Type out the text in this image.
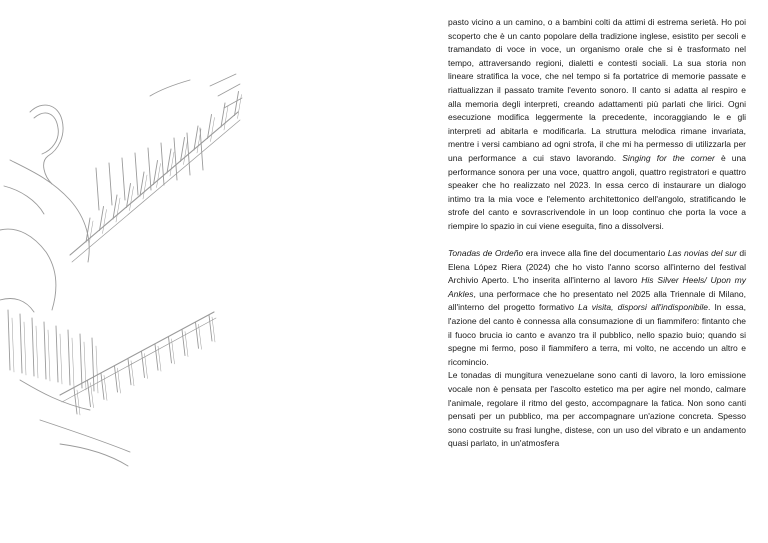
pasto vicino a un camino, o a bambini colti da attimi di estrema serietà. Ho poi scoperto che è un canto popolare della tradizione inglese, esistito per secoli e tramandato di voce in voce, un organismo orale che si è trasformato nel tempo, attraversando regioni, dialetti e contesti sociali. La sua storia non lineare stratifica la voce, che nel tempo si fa portatrice di memorie passate e riattualizzan il passato tramite l'evento sonoro. Il canto si adatta al respiro e alla memoria degli interpreti, creando adattamenti più parlati che lirici. Ogni esecuzione modifica leggermente la precedente, incoraggiando le e gli interpreti ad abitarla e modificarla. La struttura melodica rimane invariata, mentre i versi cambiano ad ogni strofa, il che mi ha permesso di utilizzarla per una performance a cui stavo lavorando. Singing for the corner è una performance sonora per una voce, quattro angoli, quattro registratori e quattro speaker che ho realizzato nel 2023. In essa cerco di instaurare un dialogo intimo tra la mia voce e l'elemento architettonico dell'angolo, stratificando le strofe del canto e sovrascrivendole in un loop continuo che porta la voce a riempire lo spazio in cui viene eseguita, fino a dissolversi.

Tonadas de Ordeño era invece alla fine del documentario Las novias del sur di Elena López Riera (2024) che ho visto l'anno scorso all'interno del festival Archivio Aperto. L'ho inserita all'interno al lavoro His Silver Heels/ Upon my Ankles, una performace che ho presentato nel 2025 alla Triennale di Milano, all'interno del progetto formativo La visita, disporsi all'indisponibile. In essa, l'azione del canto è connessa alla consumazione di un fiammifero: fintanto che il fuoco brucia io canto e avanzo tra il pubblico, nello spazio buio; quando si spegne mi fermo, poso il fiammifero a terra, mi volto, ne accendo un altro e ricomincio.

Le tonadas di mungitura venezuelane sono canti di lavoro, la loro emissione vocale non è pensata per l'ascolto estetico ma per agire nel mondo, calmare l'animale, regolare il ritmo del gesto, accompagnare la fatica. Non sono canti pensati per un pubblico, ma per accompagnare un'azione concreta. Spesso sono costruite su frasi lunghe, distese, con un uso del vibrato e un andamento quasi parlato, in un'atmosfera
